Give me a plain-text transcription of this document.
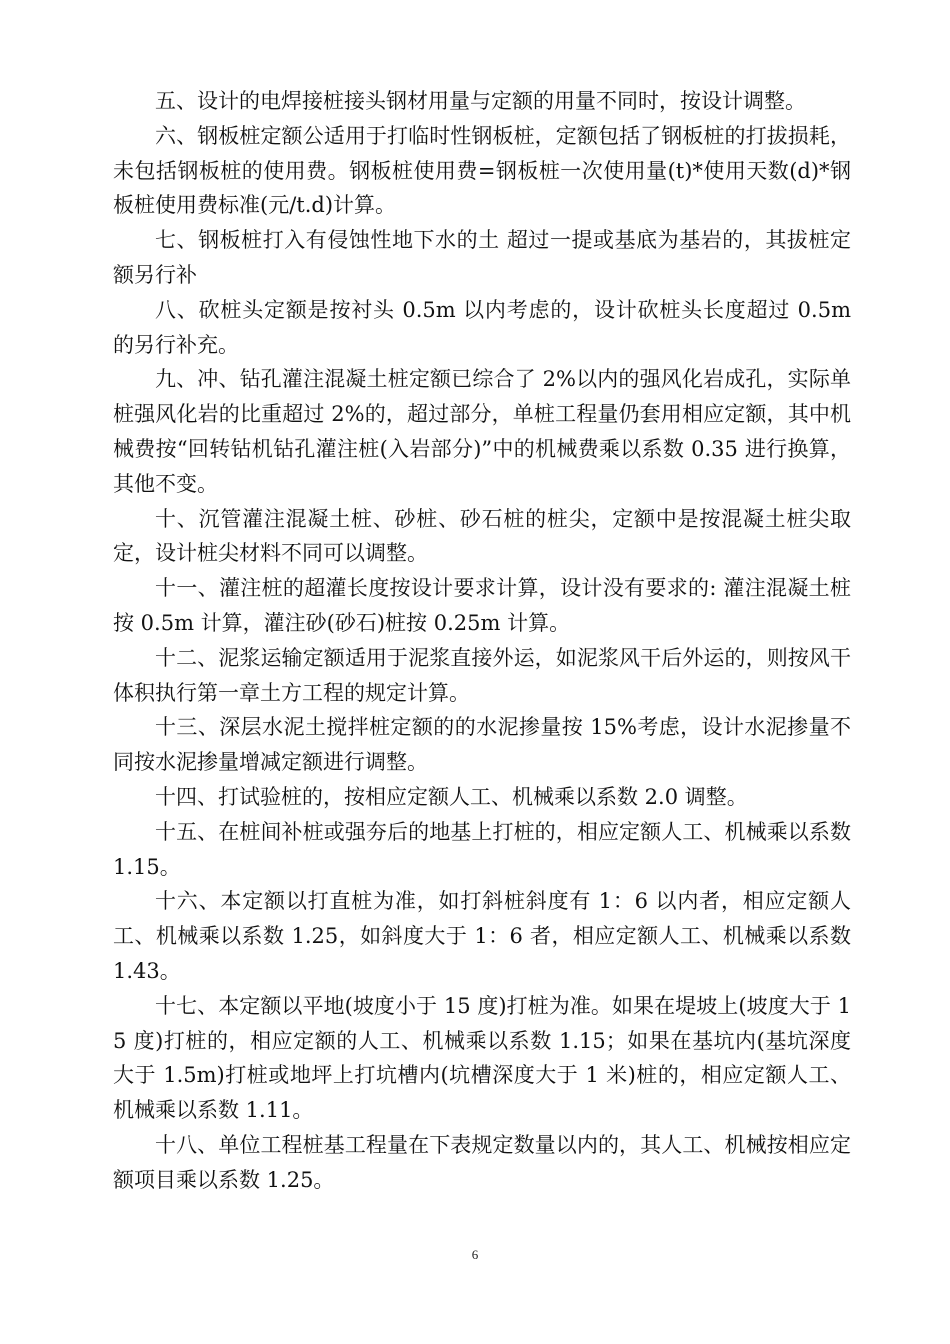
五、设计的电焊接桩接头钢材用量与定额的用量不同时，按设计调整。

六、钢板桩定额公适用于打临时性钢板桩，定额包括了钢板桩的打拔损耗，未包括钢板桩的使用费。钢板桩使用费=钢板桩一次使用量(t)*使用天数(d)*钢板桩使用费标准(元/t.d)计算。

七、钢板桩打入有侵蚀性地下水的土 超过一提或基底为基岩的，其拔桩定额另行补

八、砍桩头定额是按衬头 0.5m 以内考虑的，设计砍桩头长度超过 0.5m 的另行补充。

九、冲、钻孔灌注混凝土桩定额已综合了 2%以内的强风化岩成孔，实际单桩强风化岩的比重超过 2%的，超过部分，单桩工程量仍套用相应定额，其中机械费按“回转钻机钻孔灌注桩(入岩部分)”中的机械费乘以系数 0.35 进行换算，其他不变。

十、沉管灌注混凝土桩、砂桩、砂石桩的桩尖，定额中是按混凝土桩尖取定，设计桩尖材料不同可以调整。

十一、灌注桩的超灌长度按设计要求计算，设计没有要求的: 灌注混凝土桩按 0.5m 计算，灌注砂(砂石)桩按 0.25m 计算。

十二、泥浆运输定额适用于泥浆直接外运，如泥浆风干后外运的，则按风干体积执行第一章土方工程的规定计算。

十三、深层水泥土搅拌桩定额的的水泥掺量按 15%考虑，设计水泥掺量不同按水泥掺量增减定额进行调整。

十四、打试验桩的，按相应定额人工、机械乘以系数 2.0 调整。

十五、在桩间补桩或强夯后的地基上打桩的，相应定额人工、机械乘以系数 1.15。

十六、本定额以打直桩为准，如打斜桩斜度有 1：6 以内者，相应定额人工、机械乘以系数 1.25，如斜度大于 1：6 者，相应定额人工、机械乘以系数 1.43。

十七、本定额以平地(坡度小于 15 度)打桩为准。如果在堤坡上(坡度大于 15 度)打桩的，相应定额的人工、机械乘以系数 1.15；如果在基坑内(基坑深度大于 1.5m)打桩或地坪上打坑槽内(坑槽深度大于 1 米)桩的，相应定额人工、机械乘以系数 1.11。

十八、单位工程桩基工程量在下表规定数量以内的，其人工、机械按相应定额项目乘以系数 1.25。

6
